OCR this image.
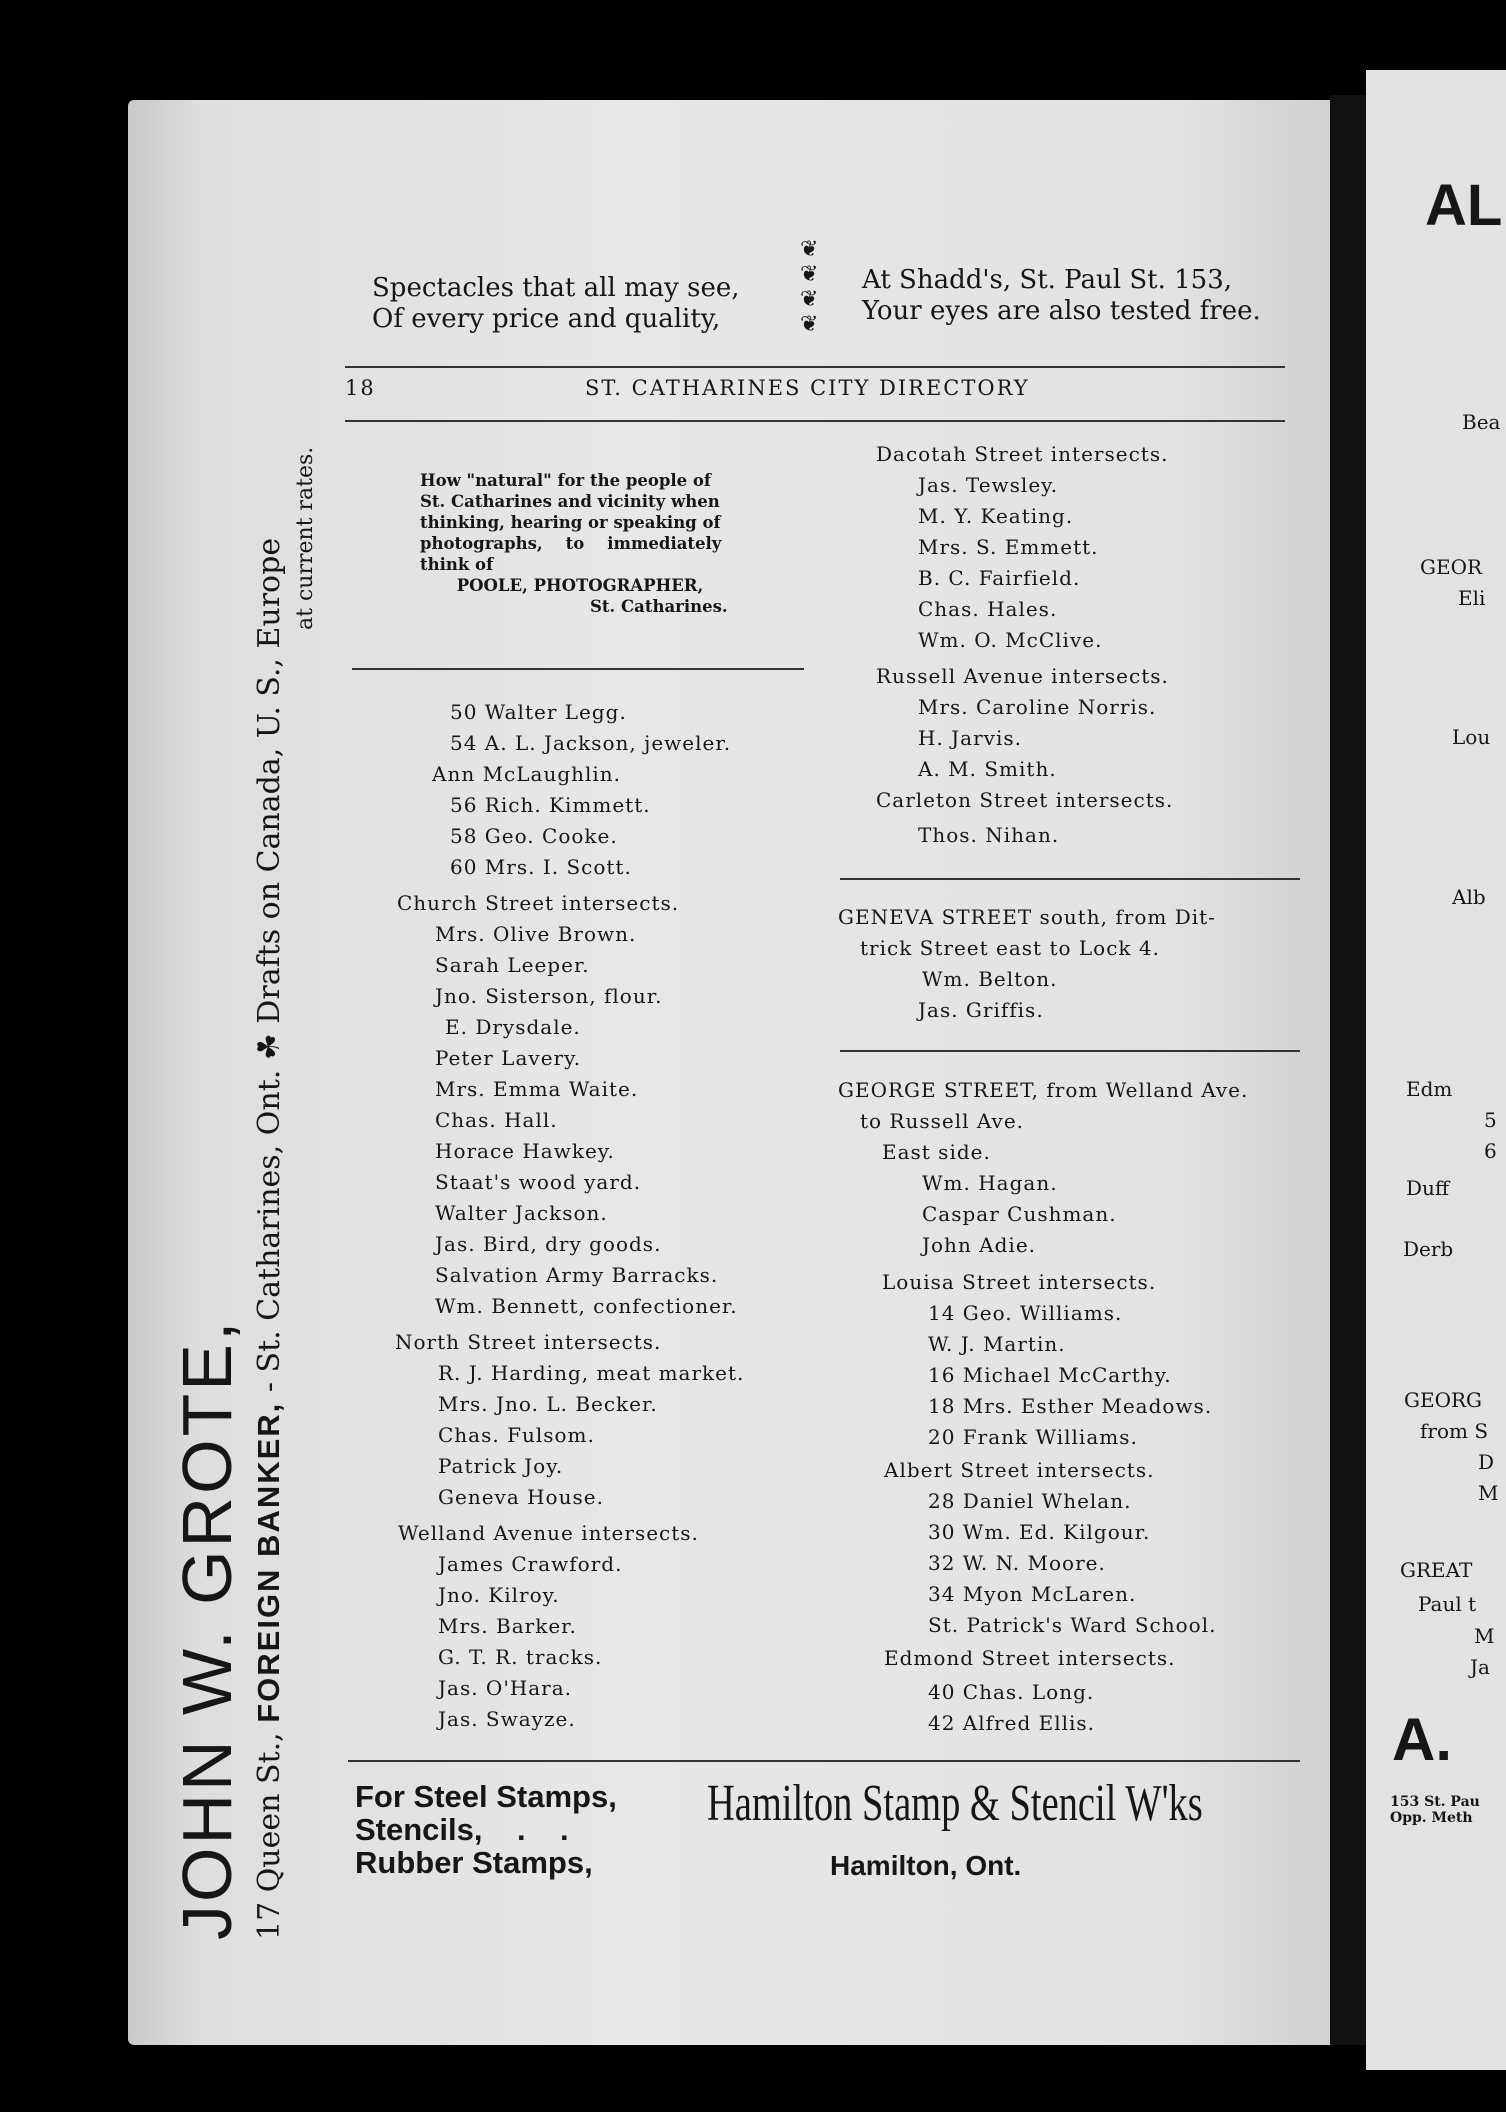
JOHN W. GROTE, 17 Queen St., FOREIGN BANKER, - St. Catharines, Ont. ☘ Drafts on Canada, U. S., Europe at current rates.
Spectacles that all may see,
Of every price and quality,
❦
❦
❦
❦
At Shadd's, St. Paul St. 153,
Your eyes are also tested free.
18	ST. CATHARINES CITY DIRECTORY
How "natural" for the people of
St. Catharines and vicinity when
thinking, hearing or speaking of
photographs,    to    immediately
think of
POOLE, PHOTOGRAPHER,
St. Catharines.
50 Walter Legg.
54 A. L. Jackson, jeweler.
Ann McLaughlin.
56 Rich. Kimmett.
58 Geo. Cooke.
60 Mrs. I. Scott.
Church Street intersects.
Mrs. Olive Brown.
Sarah Leeper.
Jno. Sisterson, flour.
E. Drysdale.
Peter Lavery.
Mrs. Emma Waite.
Chas. Hall.
Horace Hawkey.
Staat's wood yard.
Walter Jackson.
Jas. Bird, dry goods.
Salvation Army Barracks.
Wm. Bennett, confectioner.
North Street intersects.
R. J. Harding, meat market.
Mrs. Jno. L. Becker.
Chas. Fulsom.
Patrick Joy.
Geneva House.
Welland Avenue intersects.
James Crawford.
Jno. Kilroy.
Mrs. Barker.
G. T. R. tracks.
Jas. O'Hara.
Jas. Swayze.
Dacotah Street intersects.
Jas. Tewsley.
M. Y. Keating.
Mrs. S. Emmett.
B. C. Fairfield.
Chas. Hales.
Wm. O. McClive.
Russell Avenue intersects.
Mrs. Caroline Norris.
H. Jarvis.
A. M. Smith.
Carleton Street intersects.
Thos. Nihan.
GENEVA STREET south, from Dit-
trick Street east to Lock 4.
Wm. Belton.
Jas. Griffis.
GEORGE STREET, from Welland Ave.
to Russell Ave.
East side.
Wm. Hagan.
Caspar Cushman.
John Adie.
Louisa Street intersects.
14 Geo. Williams.
W. J. Martin.
16 Michael McCarthy.
18 Mrs. Esther Meadows.
20 Frank Williams.
Albert Street intersects.
28 Daniel Whelan.
30 Wm. Ed. Kilgour.
32 W. N. Moore.
34 Myon McLaren.
St. Patrick's Ward School.
Edmond Street intersects.
40 Chas. Long.
42 Alfred Ellis.
For Steel Stamps,
Stencils,    .    .
Rubber Stamps,
Hamilton Stamp & Stencil W'ks
Hamilton, Ont.
AL
Bea
GEOR
Eli
Lou
Alb
Edm
5
6
Duff
Derb
GEORG
from S
D
M
GREAT
Paul t
M
Ja
A.
153 St. Pau
Opp. Meth
